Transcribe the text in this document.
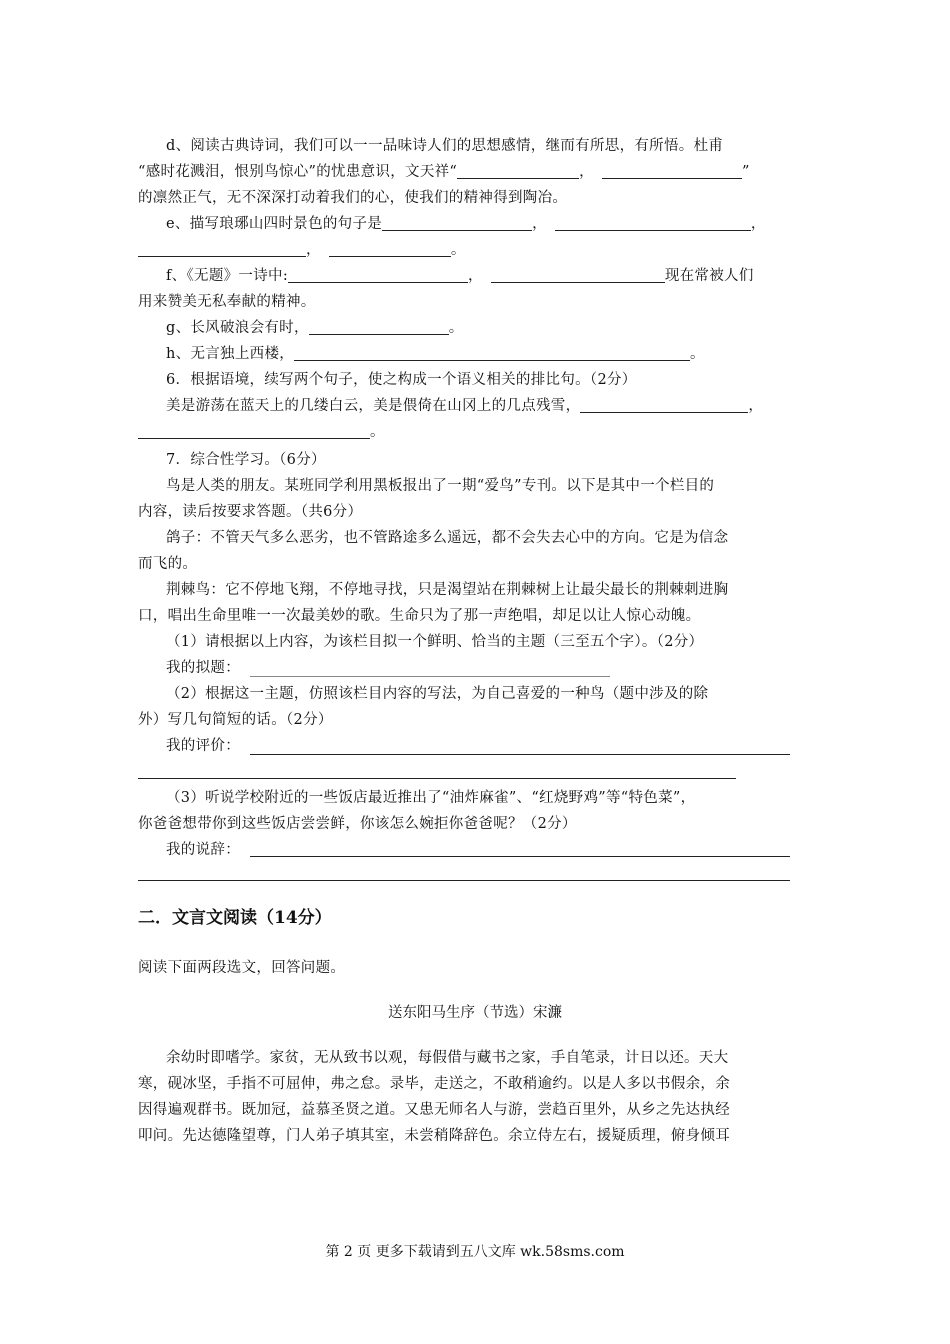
d、阅读古典诗词，我们可以一一品味诗人们的思想感情，继而有所思，有所悟。杜甫
“感时花溅泪，恨别鸟惊心”的忧患意识，文天祥“	，	”
的凛然正气，无不深深打动着我们的心，使我们的精神得到陶冶。
e、描写琅琊山四时景色的句子是	，	，
，	。
f、《无题》一诗中:	，	现在常被人们
用来赞美无私奉献的精神。
g、长风破浪会有时，	。
h、无言独上西楼，	。
6．根据语境，续写两个句子，使之构成一个语义相关的排比句。（2分）
美是游荡在蓝天上的几缕白云，美是偎倚在山冈上的几点残雪，	，
。
7．综合性学习。（6分）
鸟是人类的朋友。某班同学利用黑板报出了一期“爱鸟”专刊。以下是其中一个栏目的
内容，读后按要求答题。（共6分）
鸽子：不管天气多么恶劣，也不管路途多么遥远，都不会失去心中的方向。它是为信念
而飞的。
荆棘鸟：它不停地飞翔，不停地寻找，只是渴望站在荆棘树上让最尖最长的荆棘刺进胸
口，唱出生命里唯一一次最美妙的歌。生命只为了那一声绝唱，却足以让人惊心动魄。
（1）请根据以上内容，为该栏目拟一个鲜明、恰当的主题（三至五个字）。（2分）
我的拟题：
（2）根据这一主题，仿照该栏目内容的写法，为自己喜爱的一种鸟（题中涉及的除
外）写几句简短的话。（2分）
我的评价：
（3）听说学校附近的一些饭店最近推出了“油炸麻雀”、“红烧野鸡”等“特色菜”，
你爸爸想带你到这些饭店尝尝鲜，你该怎么婉拒你爸爸呢？（2分）
我的说辞：
二．文言文阅读（14分）
阅读下面两段选文，回答问题。
送东阳马生序（节选）宋濂
余幼时即嗜学。家贫，无从致书以观，每假借与藏书之家，手自笔录，计日以还。天大
寒，砚冰坚，手指不可屈伸，弗之怠。录毕，走送之，不敢稍逾约。以是人多以书假余，余
因得遍观群书。既加冠，益慕圣贤之道。又患无师名人与游，尝趋百里外，从乡之先达执经
叩问。先达德隆望尊，门人弟子填其室，未尝稍降辞色。余立侍左右，援疑质理，俯身倾耳
第 2 页 更多下载请到五八文库 wk.58sms.com
